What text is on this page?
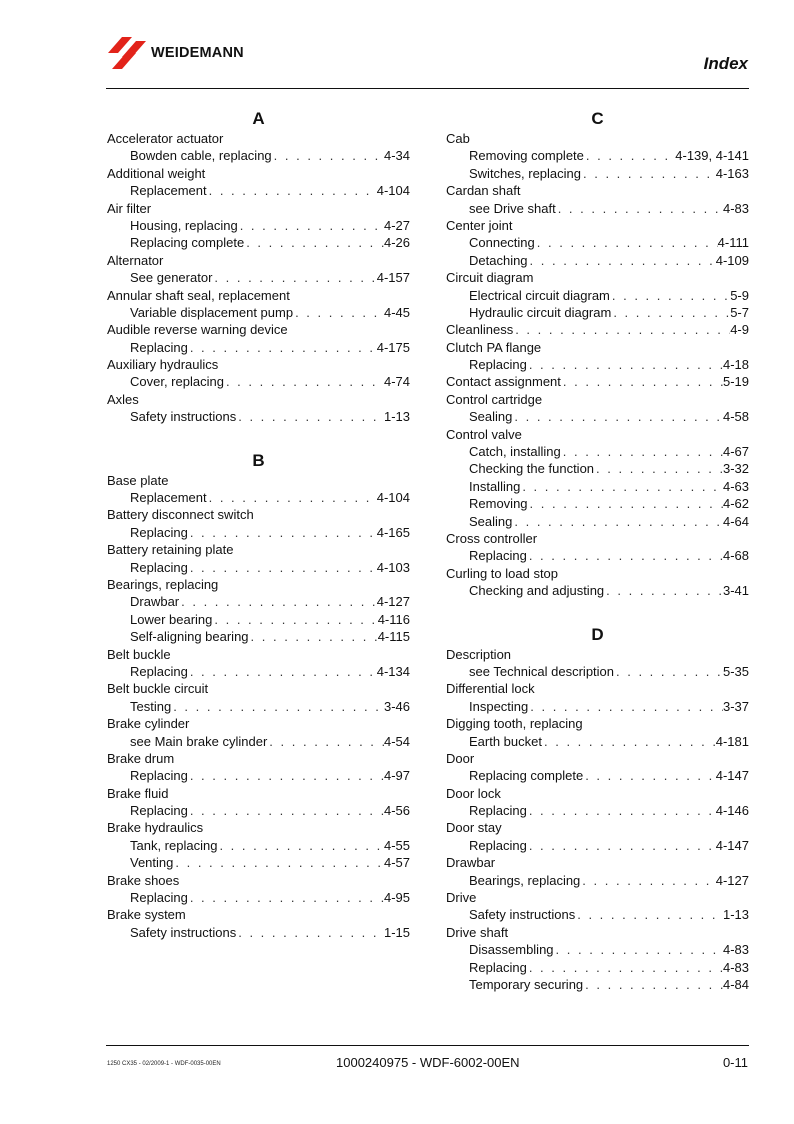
WEIDEMANN
Index
A
Accelerator actuator
Bowden cable, replacing . . .	4-34
Additional weight
Replacement . . .	4-104
Air filter
Housing, replacing . . .	4-27
Replacing complete . . .	4-26
Alternator
See generator . . .	4-157
Annular shaft seal, replacement
Variable displacement pump . . .	4-45
Audible reverse warning device
Replacing . . .	4-175
Auxiliary hydraulics
Cover, replacing . . .	4-74
Axles
Safety instructions . . .	1-13
B
Base plate
Replacement . . .	4-104
Battery disconnect switch
Replacing . . .	4-165
Battery retaining plate
Replacing . . .	4-103
Bearings, replacing
Drawbar . . .	4-127
Lower bearing . . .	4-116
Self-aligning bearing . . .	4-115
Belt buckle
Replacing . . .	4-134
Belt buckle circuit
Testing . . .	3-46
Brake cylinder
see Main brake cylinder . . .	4-54
Brake drum
Replacing . . .	4-97
Brake fluid
Replacing . . .	4-56
Brake hydraulics
Tank, replacing . . .	4-55
Venting . . .	4-57
Brake shoes
Replacing . . .	4-95
Brake system
Safety instructions . . .	1-15
C
Cab
Removing complete . . .	4-139, 4-141
Switches, replacing . . .	4-163
Cardan shaft
see Drive shaft . . .	4-83
Center joint
Connecting . . .	4-111
Detaching . . .	4-109
Circuit diagram
Electrical circuit diagram . . .	5-9
Hydraulic circuit diagram . . .	5-7
Cleanliness . . .	4-9
Clutch PA flange
Replacing . . .	4-18
Contact assignment . . .	5-19
Control cartridge
Sealing . . .	4-58
Control valve
Catch, installing . . .	4-67
Checking the function . . .	3-32
Installing . . .	4-63
Removing . . .	4-62
Sealing . . .	4-64
Cross controller
Replacing . . .	4-68
Curling to load stop
Checking and adjusting . . .	3-41
D
Description
see Technical description . . .	5-35
Differential lock
Inspecting . . .	3-37
Digging tooth, replacing
Earth bucket . . .	4-181
Door
Replacing complete . . .	4-147
Door lock
Replacing . . .	4-146
Door stay
Replacing . . .	4-147
Drawbar
Bearings, replacing . . .	4-127
Drive
Safety instructions . . .	1-13
Drive shaft
Disassembling . . .	4-83
Replacing . . .	4-83
Temporary securing . . .	4-84
1250 CX35 - 02/2009-1 - WDF-0035-00EN	1000240975 - WDF-6002-00EN	0-11
